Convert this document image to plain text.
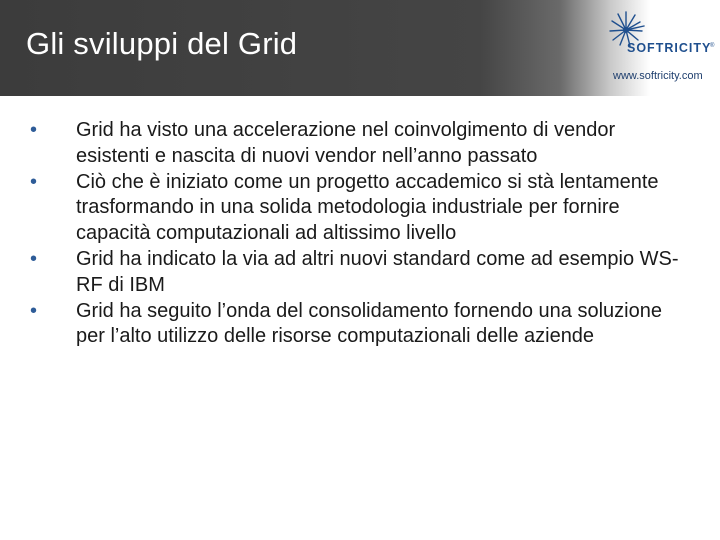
Gli sviluppi del Grid	SOFTRICITY
®
www.softricity.com
• Grid ha visto una accelerazione nel coinvolgimento di vendor esistenti e nascita di nuovi vendor nell’anno passato
• Ciò che è iniziato come un progetto accademico si stà lentamente trasformando in una solida metodologia industriale per fornire capacità computazionali ad altissimo livello
• Grid ha indicato la via ad altri nuovi standard come ad esempio WS-RF di IBM
• Grid ha seguito l’onda del consolidamento fornendo una soluzione per l’alto utilizzo delle risorse computazionali delle aziende
